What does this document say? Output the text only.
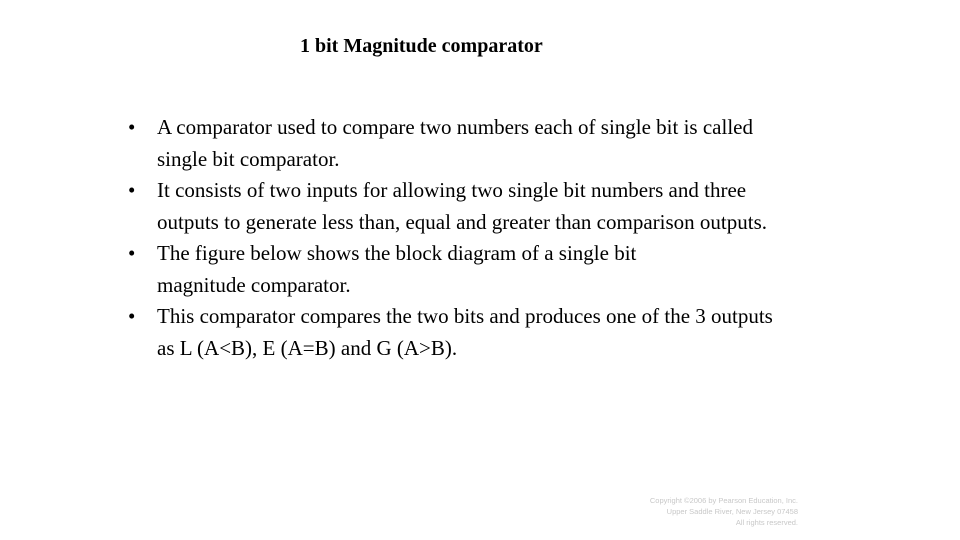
1 bit Magnitude comparator
• A comparator used to compare two numbers each of single bit is called
single bit comparator.
• It consists of two inputs for allowing two single bit numbers and three
outputs to generate less than, equal and greater than comparison outputs.
• The figure below shows the block diagram of a single bit
magnitude comparator.
• This comparator compares the two bits and produces one of the 3 outputs
as L (A<B), E (A=B) and G (A>B).
Copyright ©2006 by Pearson Education, Inc.
Upper Saddle River, New Jersey 07458
All rights reserved.
